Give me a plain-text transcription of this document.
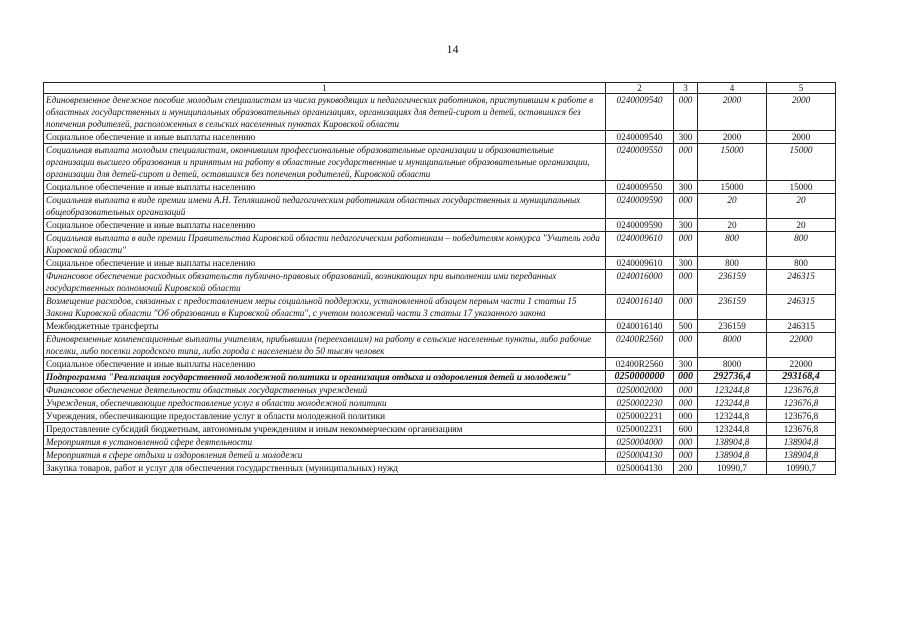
14
1	2	3	4	5
Единовременное денежное пособие молодым специалистам из числа руководящих и педагогических работников, приступившим к работе в областных государственных и муниципальных образовательных организациях, организациях для детей-сирот и детей, оставшихся без попечения родителей, расположенных в сельских населенных пунктах Кировской области	0240009540	000	2000	2000
Социальное обеспечение и иные выплаты населению	0240009540	300	2000	2000
Социальная выплата молодым специалистам, окончившим профессиональные образовательные организации и образовательные организации высшего образования и принятым на работу в областные государственные и муниципальные образовательные организации, организации для детей-сирот и детей, оставшихся без попечения родителей, Кировской области	0240009550	000	15000	15000
Социальное обеспечение и иные выплаты населению	0240009550	300	15000	15000
Социальная выплата в виде премии имени А.Н. Тепляшиной педагогическим работникам областных государственных и муниципальных общеобразовательных организаций	0240009590	000	20	20
Социальное обеспечение и иные выплаты населению	0240009590	300	20	20
Социальная выплата в виде премии Правительства Кировской области педагогическим работникам – победителям конкурса "Учитель года Кировской области"	0240009610	000	800	800
Социальное обеспечение и иные выплаты населению	0240009610	300	800	800
Финансовое обеспечение расходных обязательств публично-правовых образований, возникающих при выполнении ими переданных государственных полномочий Кировской области	0240016000	000	236159	246315
Возмещение расходов, связанных с предоставлением меры социальной поддержки, установленной абзацем первым части 1 статьи 15 Закона Кировской области "Об образовании в Кировской области", с учетом положений части 3 статьи 17 указанного закона	0240016140	000	236159	246315
Межбюджетные трансферты	0240016140	500	236159	246315
Единовременные компенсационные выплаты учителям, прибывшим (переехавшим) на работу в сельские населенные пункты, либо рабочие поселки, либо поселки городского типа, либо города с населением до 50 тысяч человек	02400R2560	000	8000	22000
Социальное обеспечение и иные выплаты населению	02400R2560	300	8000	22000
Подпрограмма "Реализация государственной молодежной политики и организация отдыха и оздоровления детей и молодежи"	0250000000	000	292736,4	293168,4
Финансовое обеспечение деятельности областных государственных учреждений	0250002000	000	123244,8	123676,8
Учреждения, обеспечивающие предоставление услуг в области молодежной политики	0250002230	000	123244,8	123676,8
Учреждения, обеспечивающие предоставление услуг в области молодежной политики	0250002231	000	123244,8	123676,8
Предоставление субсидий бюджетным, автономным учреждениям и иным некоммерческим организациям	0250002231	600	123244,8	123676,8
Мероприятия в установленной сфере деятельности	0250004000	000	138904,8	138904,8
Мероприятия в сфере отдыха и оздоровления детей и молодежи	0250004130	000	138904,8	138904,8
Закупка товаров, работ и услуг для обеспечения государственных (муниципальных) нужд	0250004130	200	10990,7	10990,7
